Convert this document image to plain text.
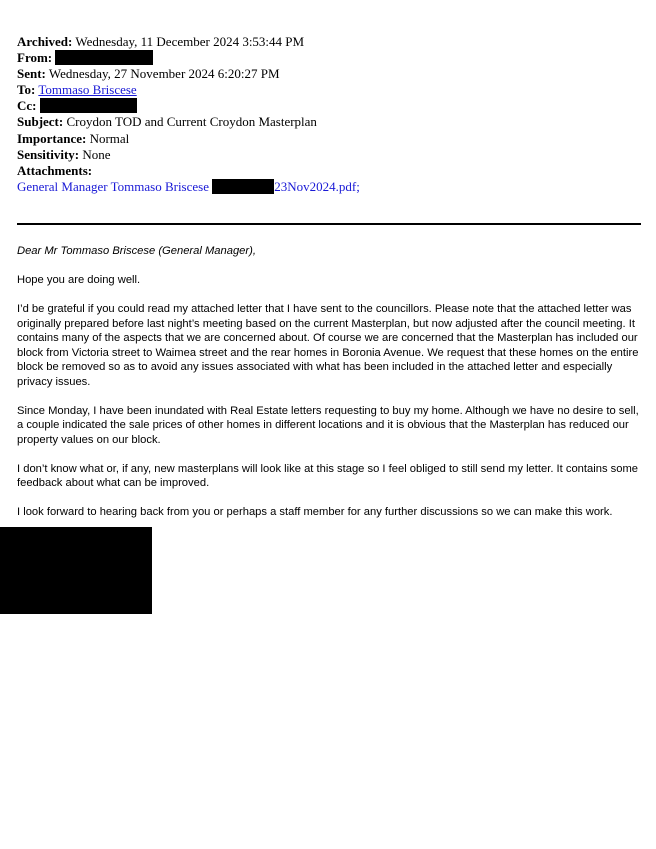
Archived: Wednesday, 11 December 2024 3:53:44 PM
From:
Sent: Wednesday, 27 November 2024 6:20:27 PM
To: Tommaso Briscese
Cc:
Subject: Croydon TOD and Current Croydon Masterplan
Importance: Normal
Sensitivity: None
Attachments:
General Manager Tommaso Briscese	23Nov2024.pdf;

Dear Mr Tommaso Briscese (General Manager),

Hope you are doing well.

I’d be grateful if you could read my attached letter that I have sent to the councillors. Please note that the attached letter was originally prepared before last night’s meeting based on the current Masterplan, but now adjusted after the council meeting. It contains many of the aspects that we are concerned about. Of course we are concerned that the Masterplan has included our block from Victoria street to Waimea street and the rear homes in Boronia Avenue. We request that these homes on the entire block be removed so as to avoid any issues associated with what has been included in the attached letter and especially privacy issues.

Since Monday, I have been inundated with Real Estate letters requesting to buy my home. Although we have no desire to sell, a couple indicated the sale prices of other homes in different locations and it is obvious that the Masterplan has reduced our property values on our block.

I don’t know what or, if any, new masterplans will look like at this stage so I feel obliged to still send my letter. It contains some feedback about what can be improved.

I look forward to hearing back from you or perhaps a staff member for any further discussions so we can make this work.
